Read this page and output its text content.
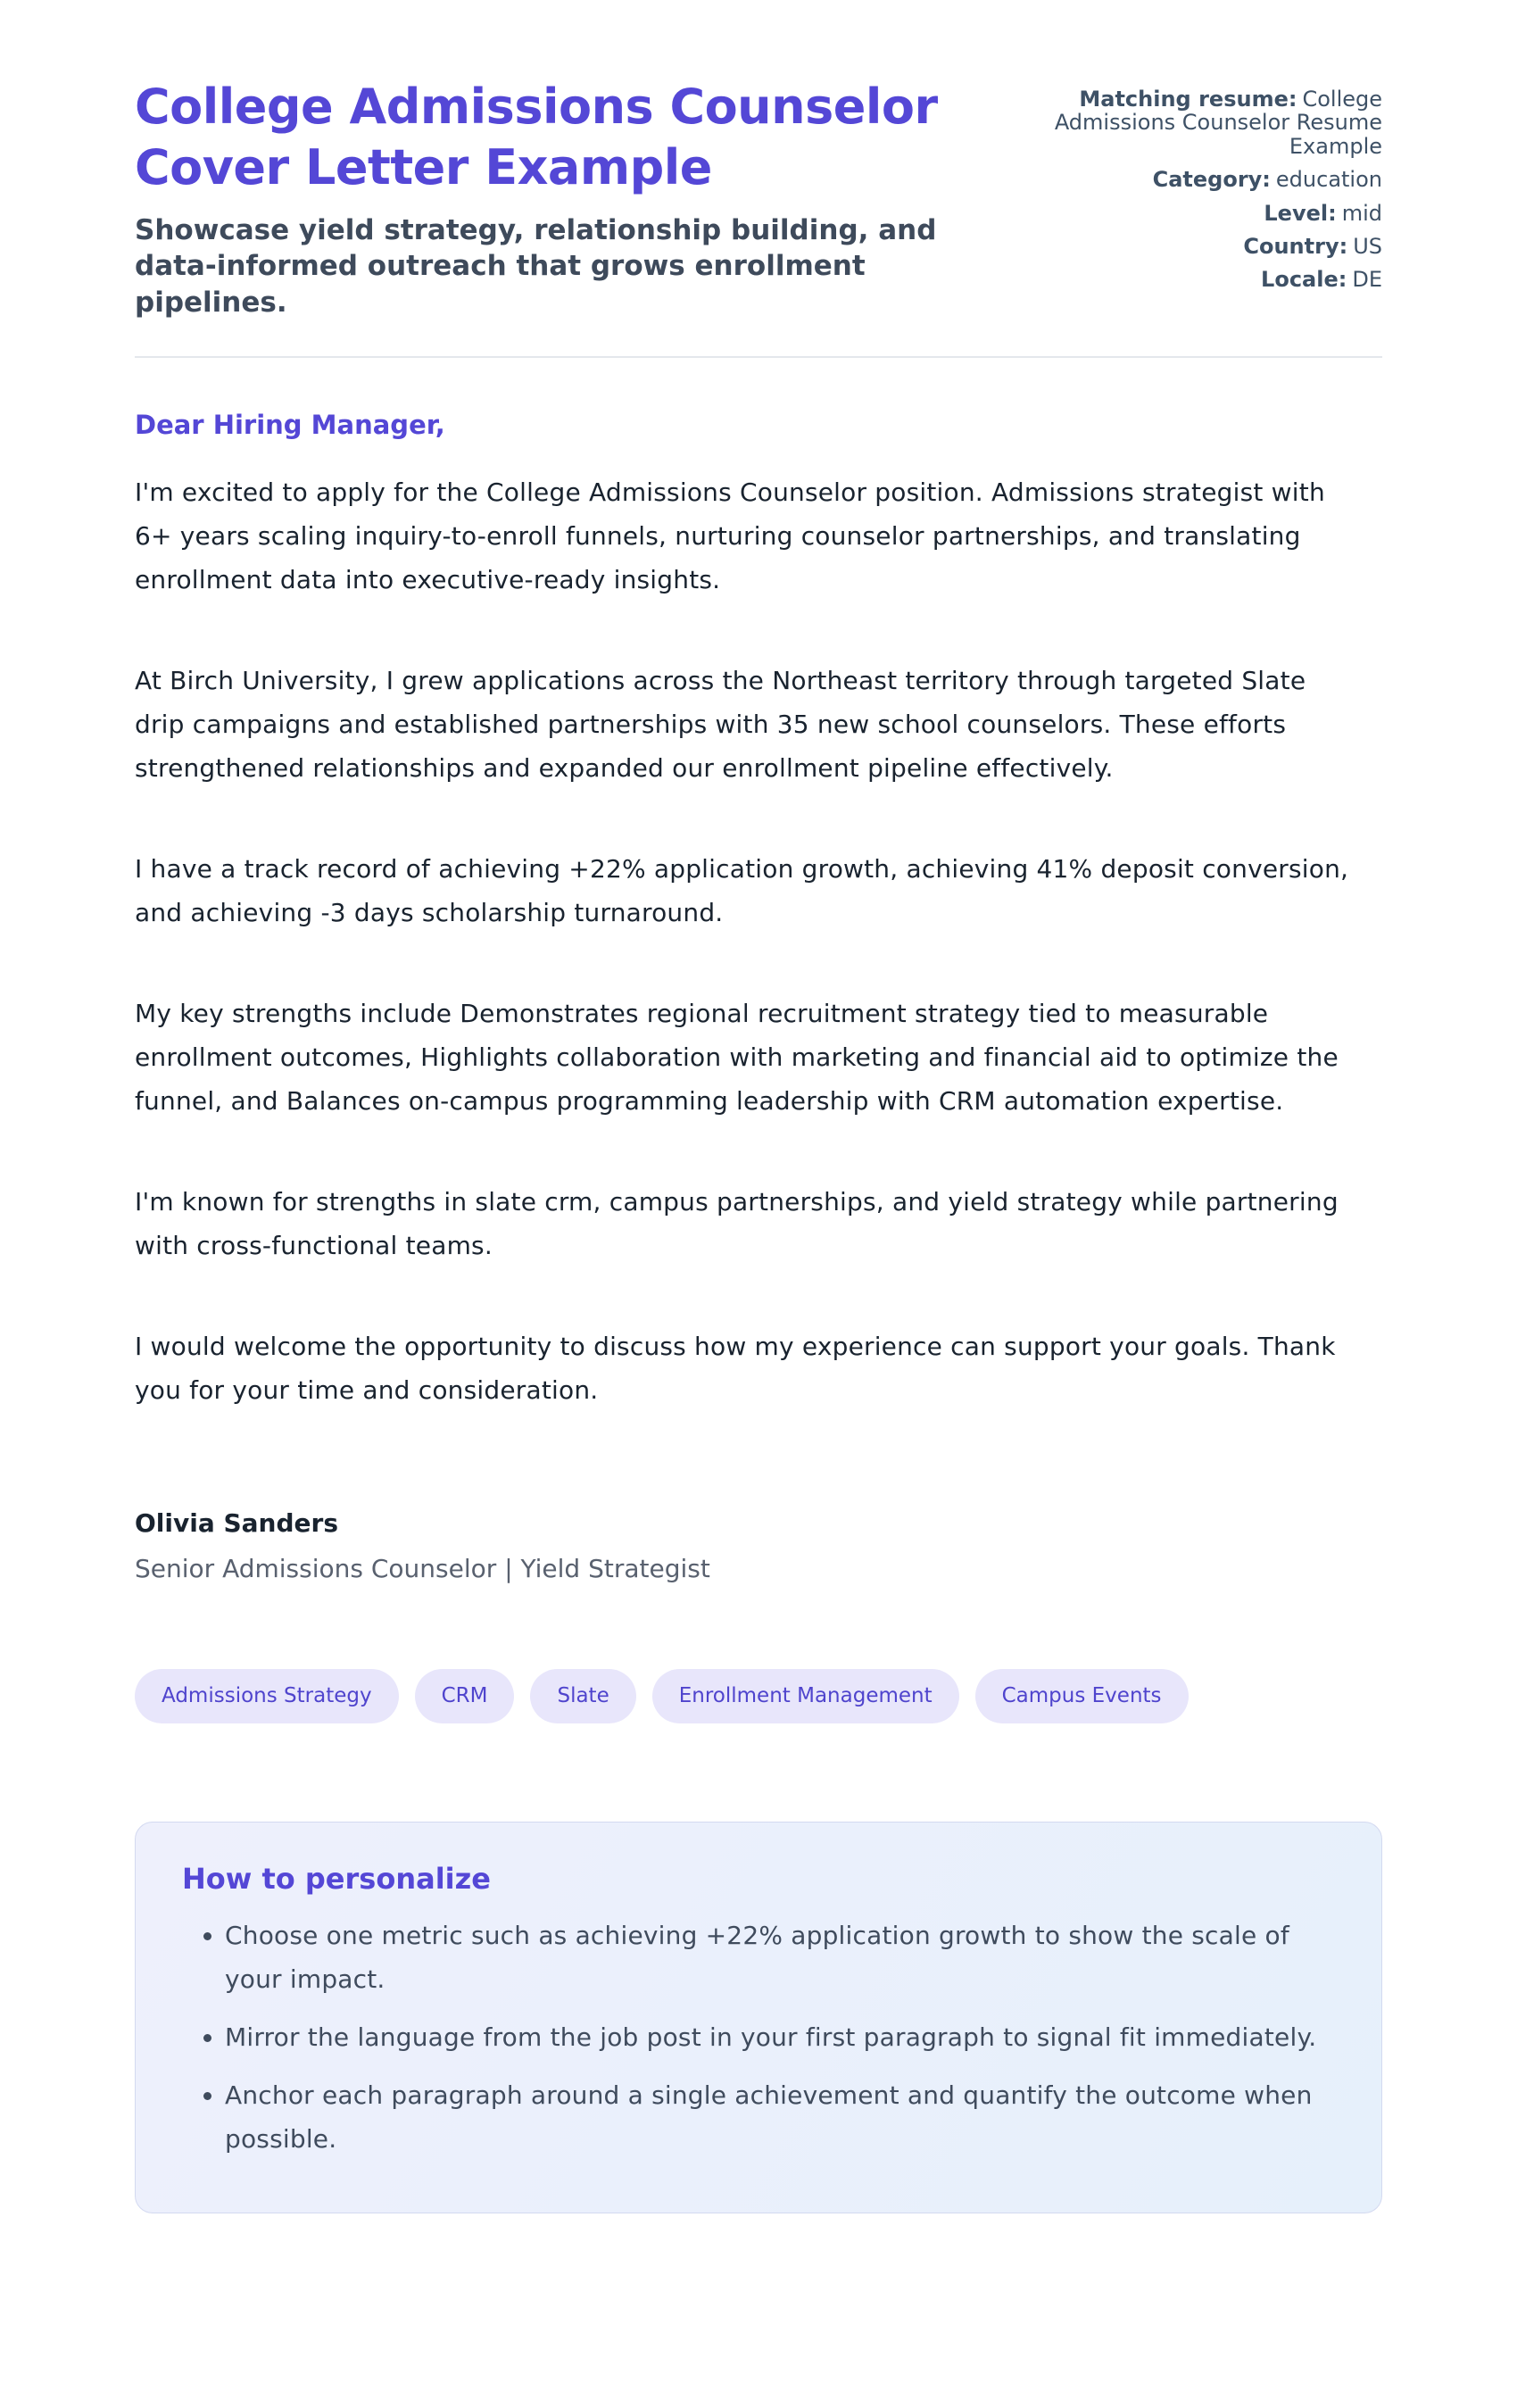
College Admissions Counselor Cover Letter Example

Showcase yield strategy, relationship building, and data-informed outreach that grows enrollment pipelines.

Matching resume: College Admissions Counselor Resume Example
Category: education
Level: mid
Country: US
Locale: DE

Dear Hiring Manager,

I'm excited to apply for the College Admissions Counselor position. Admissions strategist with 6+ years scaling inquiry-to-enroll funnels, nurturing counselor partnerships, and translating enrollment data into executive-ready insights.

At Birch University, I grew applications across the Northeast territory through targeted Slate drip campaigns and established partnerships with 35 new school counselors. These efforts strengthened relationships and expanded our enrollment pipeline effectively.

I have a track record of achieving +22% application growth, achieving 41% deposit conversion, and achieving -3 days scholarship turnaround.

My key strengths include Demonstrates regional recruitment strategy tied to measurable enrollment outcomes, Highlights collaboration with marketing and financial aid to optimize the funnel, and Balances on-campus programming leadership with CRM automation expertise.

I'm known for strengths in slate crm, campus partnerships, and yield strategy while partnering with cross-functional teams.

I would welcome the opportunity to discuss how my experience can support your goals. Thank you for your time and consideration.

Olivia Sanders

Senior Admissions Counselor | Yield Strategist

Admissions Strategy	CRM	Slate	Enrollment Management	Campus Events
How to personalize
• Choose one metric such as achieving +22% application growth to show the scale of your impact.
• Mirror the language from the job post in your first paragraph to signal fit immediately.
• Anchor each paragraph around a single achievement and quantify the outcome when possible.
